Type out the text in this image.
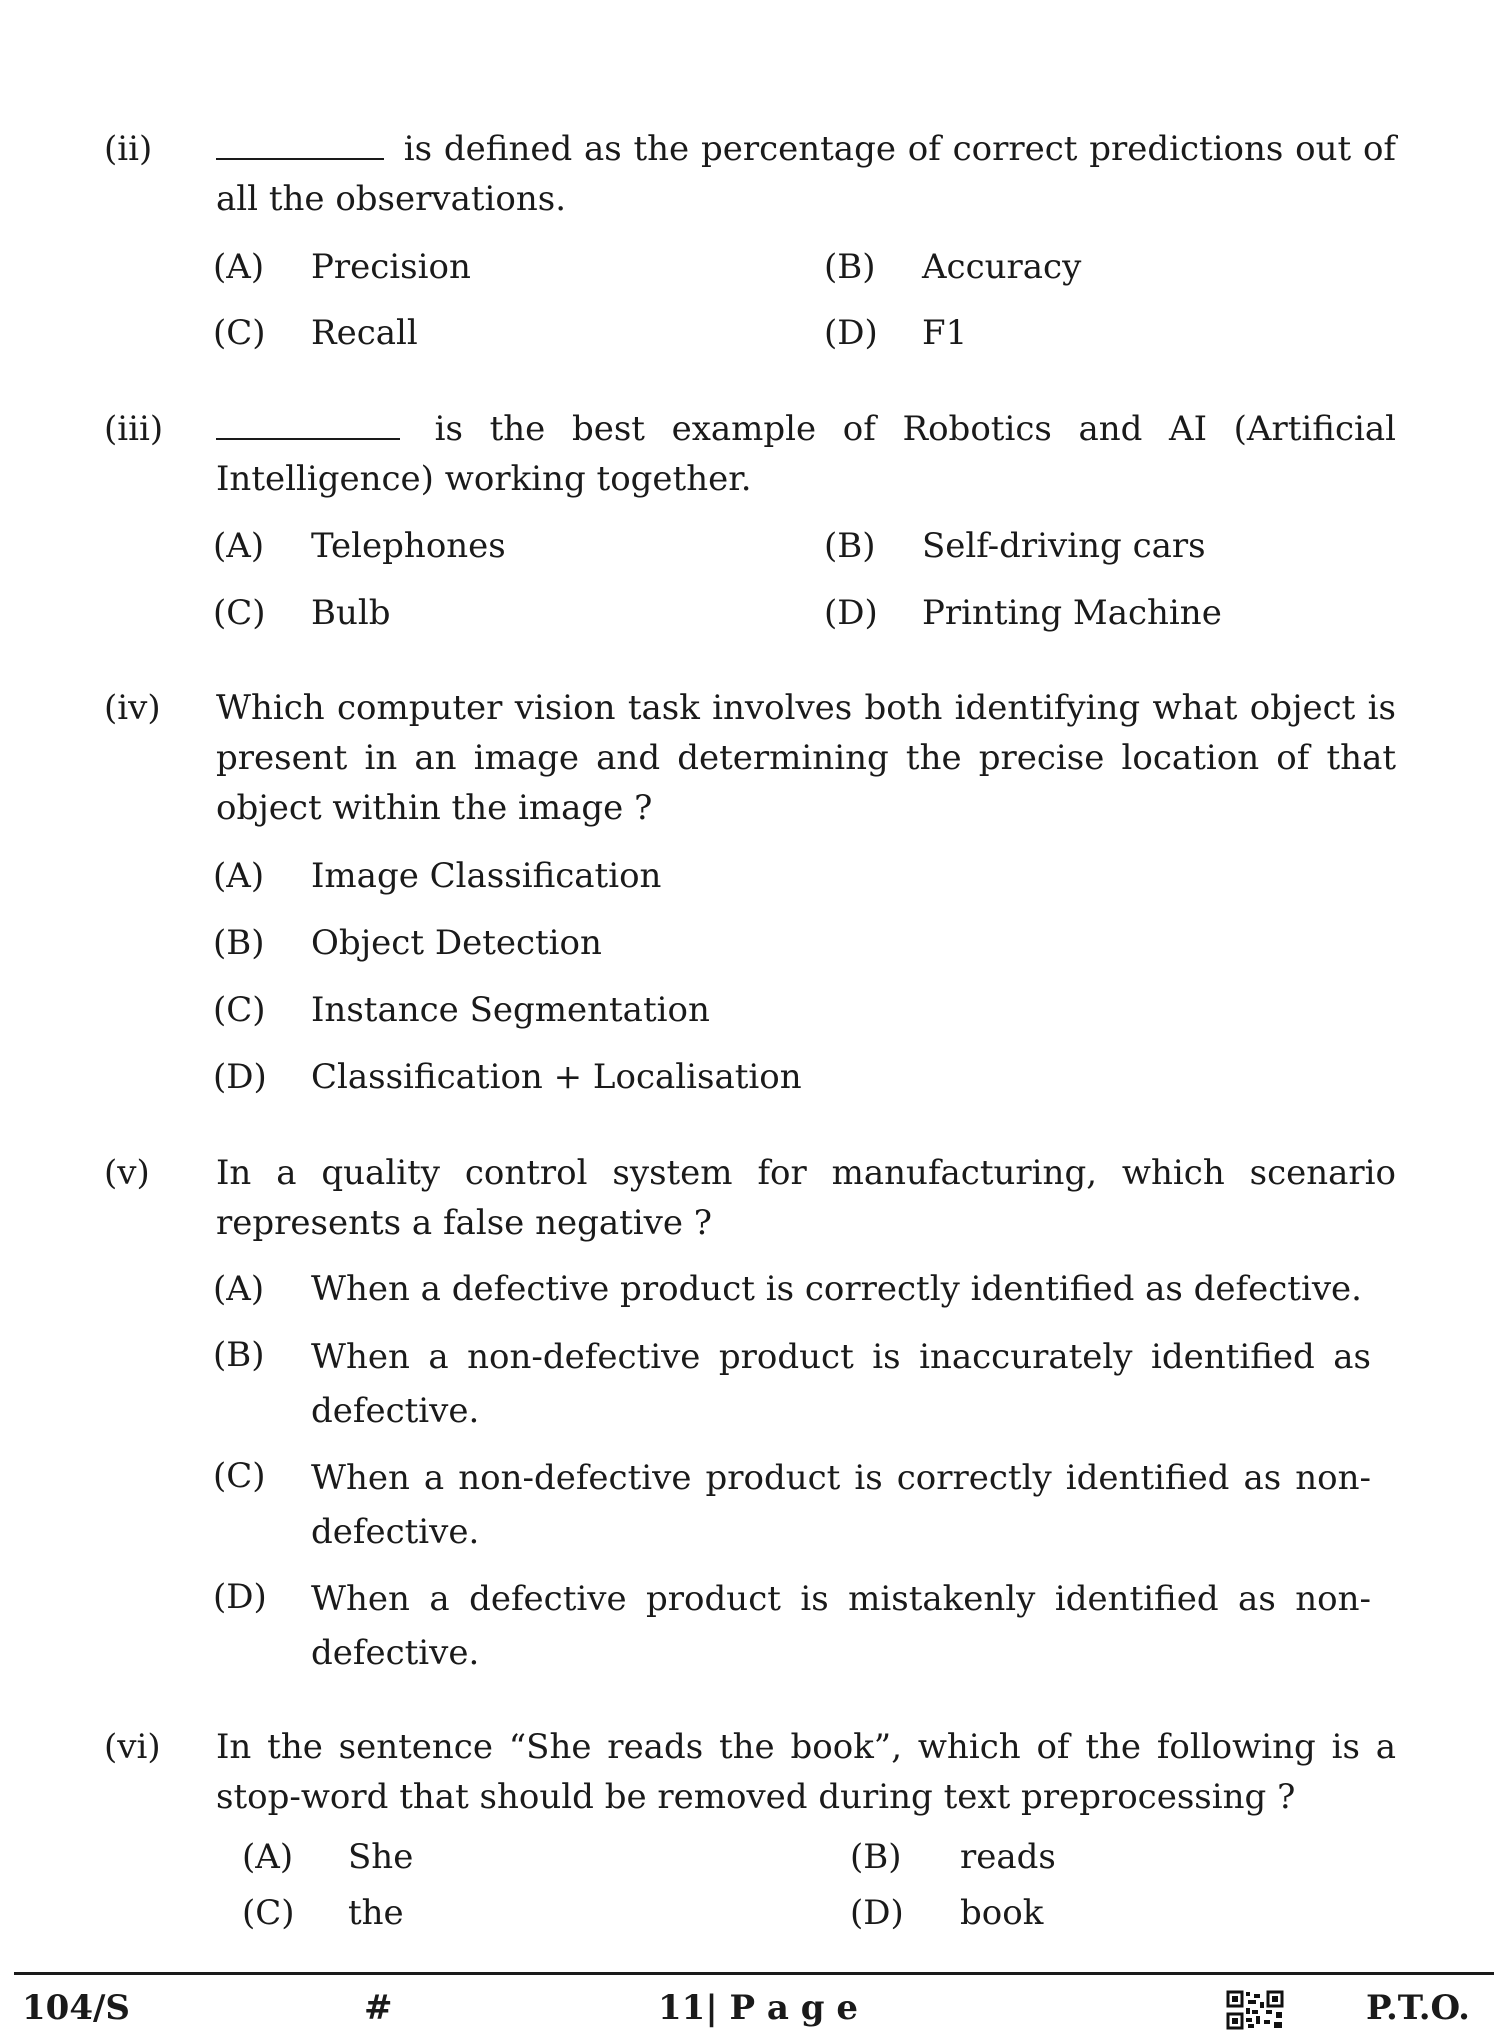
(ii)	is defined as the percentage of correct predictions out of all the observations.
(A)	Precision	(B)	Accuracy
(C)	Recall	(D)	F1
(iii)	is the best example of Robotics and AI (Artificial Intelligence) working together.
(A)	Telephones	(B)	Self-driving cars
(C)	Bulb	(D)	Printing Machine
(iv)	Which computer vision task involves both identifying what object is present in an image and determining the precise location of that object within the image ?
(A)	Image Classification
(B)	Object Detection
(C)	Instance Segmentation
(D)	Classification + Localisation
(v)	In a quality control system for manufacturing, which scenario represents a false negative ?
(A)	When a defective product is correctly identified as defective.
(B)	When a non-defective product is inaccurately identified as defective.
(C)	When a non-defective product is correctly identified as non-defective.
(D)	When a defective product is mistakenly identified as non-defective.
(vi)	In the sentence “She reads the book”, which of the following is a stop-word that should be removed during text preprocessing ?
(A)	She	(B)	reads
(C)	the	(D)	book
104/S	#	11| P a g e	P.T.O.
